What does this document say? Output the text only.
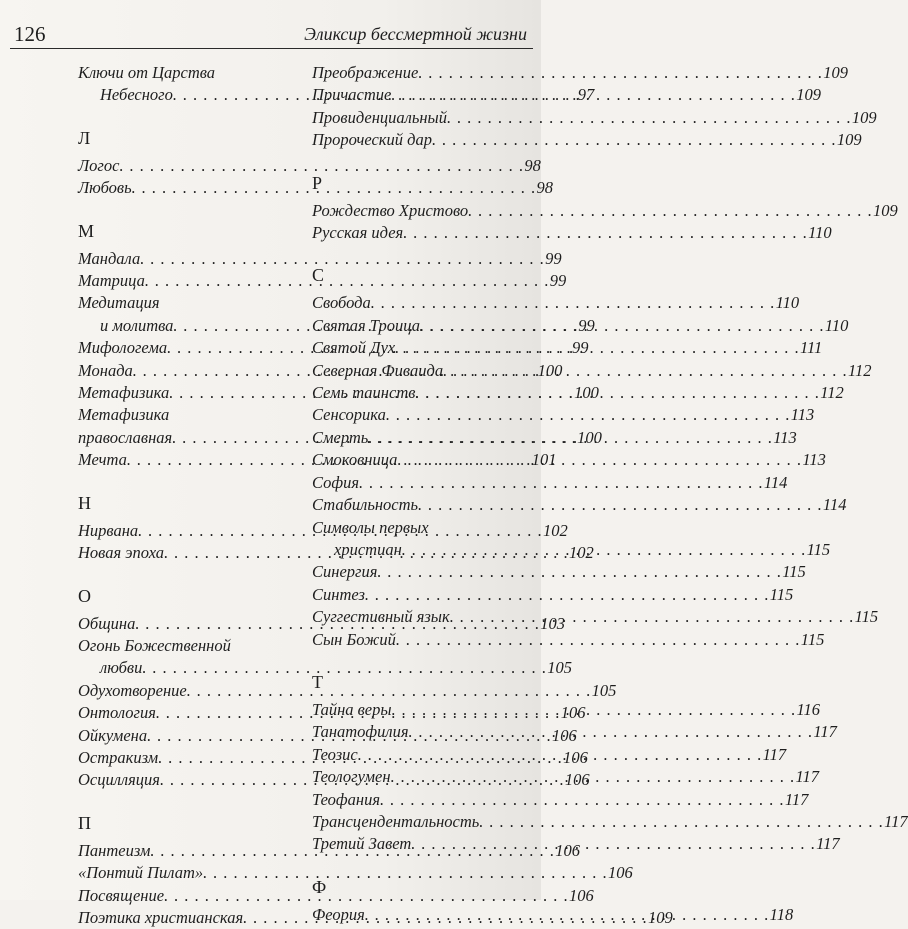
126	Эликсир бессмертной жизни
Ключи от Царства
Небесного . . .	97
Л
Логос . . .	98
Любовь . . .	98
М
Мандала . . .	99
Матрица . . .	99
Медитация
и молитва . . .	99
Мифологема . . .	99
Монада . . .	100
Метафизика . . .	100
Метафизика
православная . . .	100
Мечта . . .	101
Н
Нирвана . . .	102
Новая эпоха . . .	102
О
Община . . .	103
Огонь Божественной
любви . . .	105
Одухотворение . . .	105
Онтология . . .	106
Ойкумена . . .	106
Остракизм . . .	106
Осцилляция . . .	106
П
Пантеизм . . .	106
«Понтий Пилат» . . .	106
Посвящение . . .	106
Поэтика христианская . . .	109
Преображение . . .	109
Причастие . . .	109
Провиденциальный . . .	109
Пророческий дар . . .	109
Р
Рождество Христово . . .	109
Русская идея . . .	110
С
Свобода . . .	110
Святая Троица . . .	110
Святой Дух . . .	111
Северная Фиваида . . .	112
Семь таинств . . .	112
Сенсорика . . .	113
Смерть . . .	113
Смоковница . . .	113
София . . .	114
Стабильность . . .	114
Символы первых
христиан . . .	115
Синергия . . .	115
Синтез . . .	115
Суггестивный язык . . .	115
Сын Божий . . .	115
Т
Тайна веры . . .	116
Танатофилия . . .	117
Теозис . . .	117
Теологумен . . .	117
Теофания . . .	117
Трансцендентальность . . .	117
Третий Завет . . .	117
Ф
Феория . . .	118
